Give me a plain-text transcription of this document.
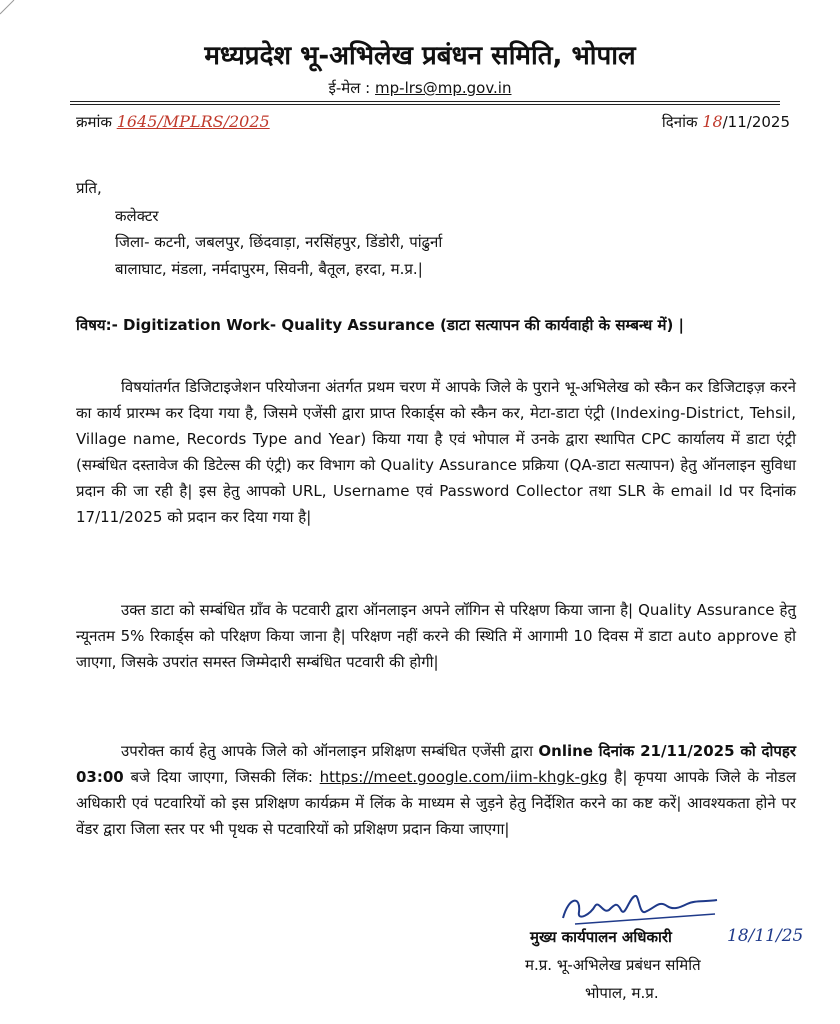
मध्यप्रदेश भू-अभिलेख प्रबंधन समिति, भोपाल
ई-मेल : mp-lrs@mp.gov.in
क्रमांक 1645/MPLRS/2025	दिनांक 18/11/2025
प्रति,
कलेक्टर
जिला- कटनी, जबलपुर, छिंदवाड़ा, नरसिंहपुर, डिंडोरी, पांढुर्ना
बालाघाट, मंडला, नर्मदापुरम, सिवनी, बैतूल, हरदा, म.प्र.|
विषय:- Digitization Work- Quality Assurance (डाटा सत्यापन की कार्यवाही के सम्बन्ध में) |

विषयांतर्गत डिजिटाइजेशन परियोजना अंतर्गत प्रथम चरण में आपके जिले के पुराने भू-अभिलेख को स्कैन कर डिजिटाइज़ करने का कार्य प्रारम्भ कर दिया गया है, जिसमे एजेंसी द्वारा प्राप्त रिकार्ड्स को स्कैन कर, मेटा-डाटा एंट्री (Indexing-District, Tehsil, Village name, Records Type and Year) किया गया है एवं भोपाल में उनके द्वारा स्थापित CPC कार्यालय में डाटा एंट्री (सम्बंधित दस्तावेज की डिटेल्स की एंट्री) कर विभाग को Quality Assurance प्रक्रिया (QA-डाटा सत्यापन) हेतु ऑनलाइन सुविधा प्रदान की जा रही है| इस हेतु आपको URL, Username एवं Password Collector तथा SLR के email Id पर दिनांक 17/11/2025 को प्रदान कर दिया गया है|

उक्त डाटा को सम्बंधित ग्राँव के पटवारी द्वारा ऑनलाइन अपने लॉगिन से परिक्षण किया जाना है| Quality Assurance हेतु न्यूनतम 5% रिकार्ड्स को परिक्षण किया जाना है| परिक्षण नहीं करने की स्थिति में आगामी 10 दिवस में डाटा auto approve हो जाएगा, जिसके उपरांत समस्त जिम्मेदारी सम्बंधित पटवारी की होगी|

उपरोक्त कार्य हेतु आपके जिले को ऑनलाइन प्रशिक्षण सम्बंधित एजेंसी द्वारा Online दिनांक 21/11/2025 को दोपहर 03:00 बजे दिया जाएगा, जिसकी लिंक: https://meet.google.com/iim-khgk-gkg है| कृपया आपके जिले के नोडल अधिकारी एवं पटवारियों को इस प्रशिक्षण कार्यक्रम में लिंक के माध्यम से जुड़ने हेतु निर्देशित करने का कष्ट करें| आवश्यकता होने पर वेंडर द्वारा जिला स्तर पर भी पृथक से पटवारियों को प्रशिक्षण प्रदान किया जाएगा|

मुख्य कार्यपालन अधिकारी	18/11/25
म.प्र. भू-अभिलेख प्रबंधन समिति
भोपाल, म.प्र.
